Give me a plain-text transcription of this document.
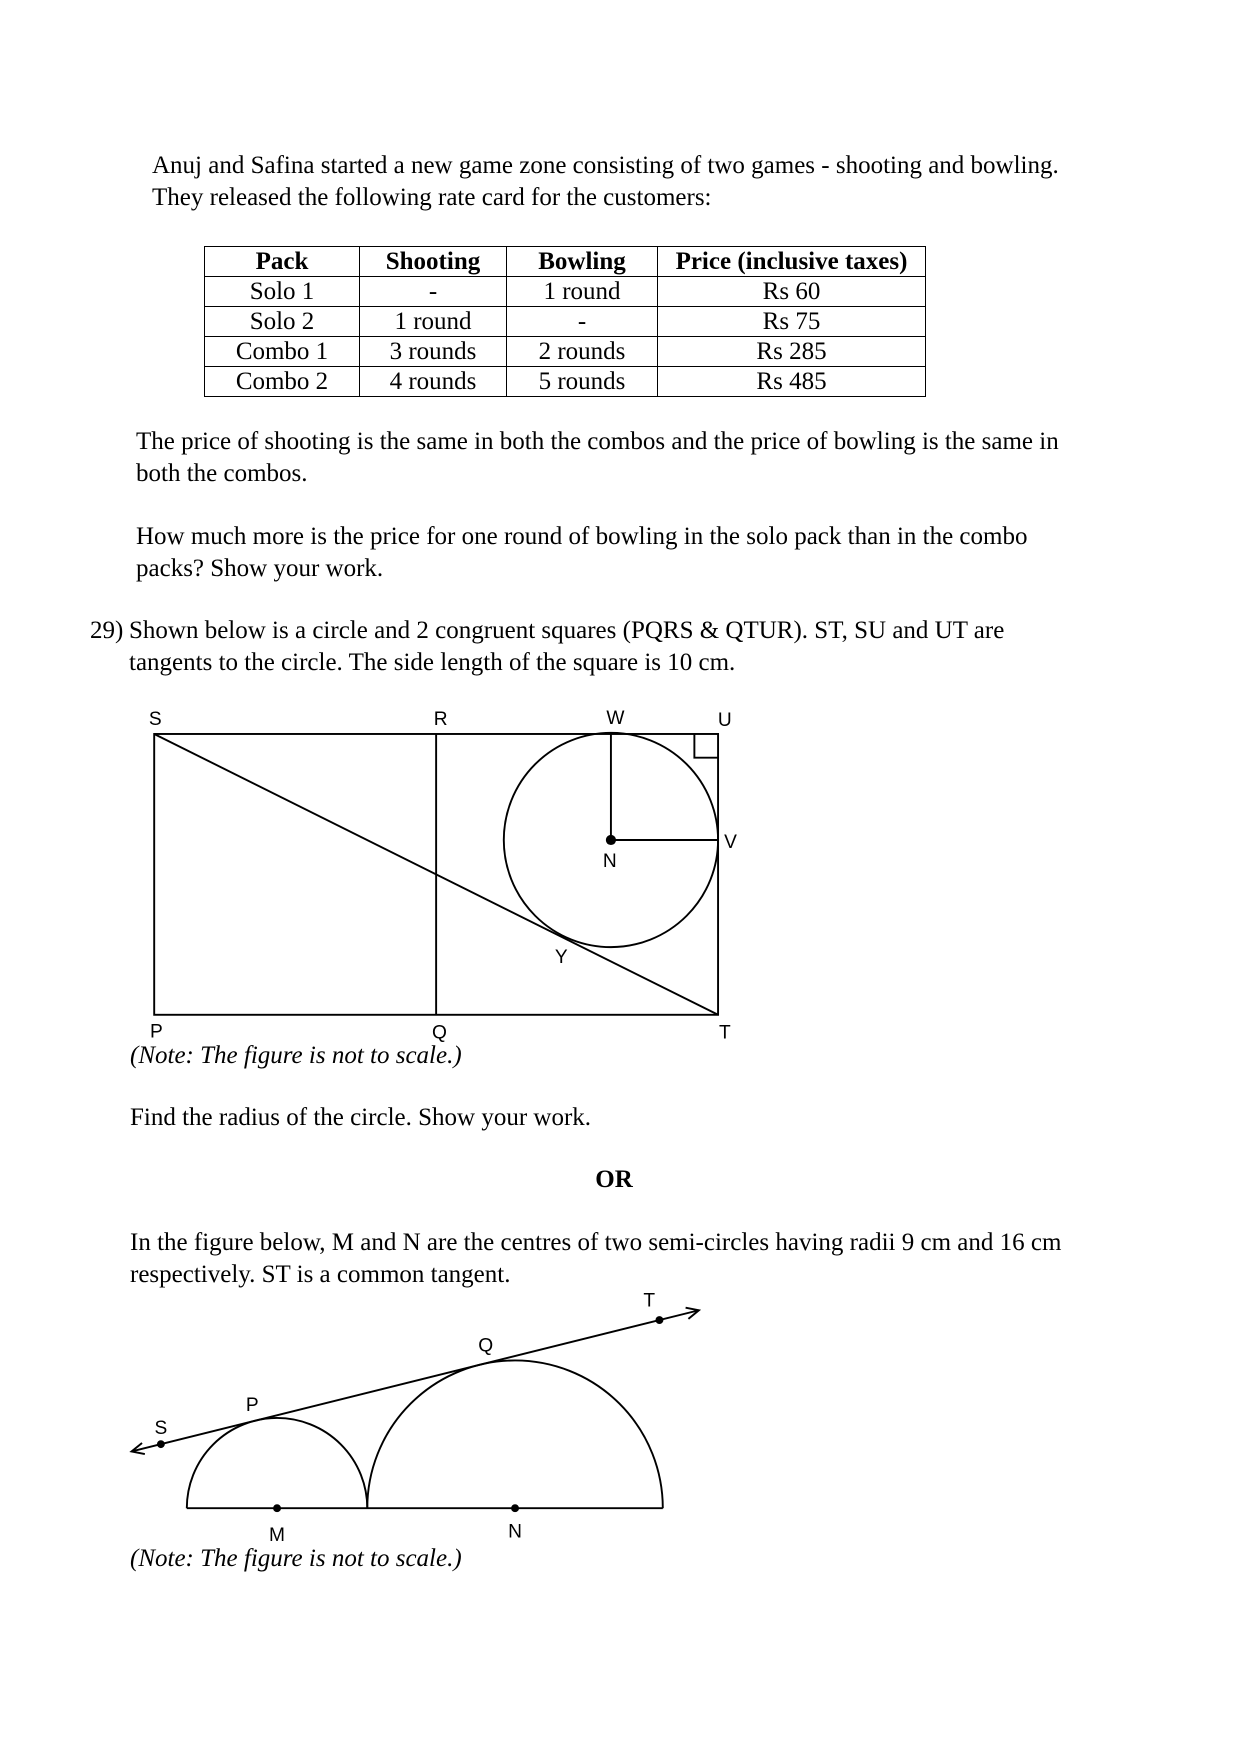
Anuj and Safina started a new game zone consisting of two games - shooting and bowling.
They released the following rate card for the customers:
Pack	Shooting	Bowling	Price (inclusive taxes)
Solo 1	-	1 round	Rs 60
Solo 2	1 round	-	Rs 75
Combo 1	3 rounds	2 rounds	Rs 285
Combo 2	4 rounds	5 rounds	Rs 485
The price of shooting is the same in both the combos and the price of bowling is the same in
both the combos.
How much more is the price for one round of bowling in the solo pack than in the combo
packs? Show your work.
29) Shown below is a circle and 2 congruent squares (PQRS & QTUR). ST, SU and UT are
tangents to the circle. The side length of the square is 10 cm.
S	R	W	U
V
N
Y
P	Q	T
(Note: The figure is not to scale.)
Find the radius of the circle. Show your work.
OR
In the figure below, M and N are the centres of two semi-circles having radii 9 cm and 16 cm
respectively. ST is a common tangent.
S
P
Q
T
M	N
(Note: The figure is not to scale.)
